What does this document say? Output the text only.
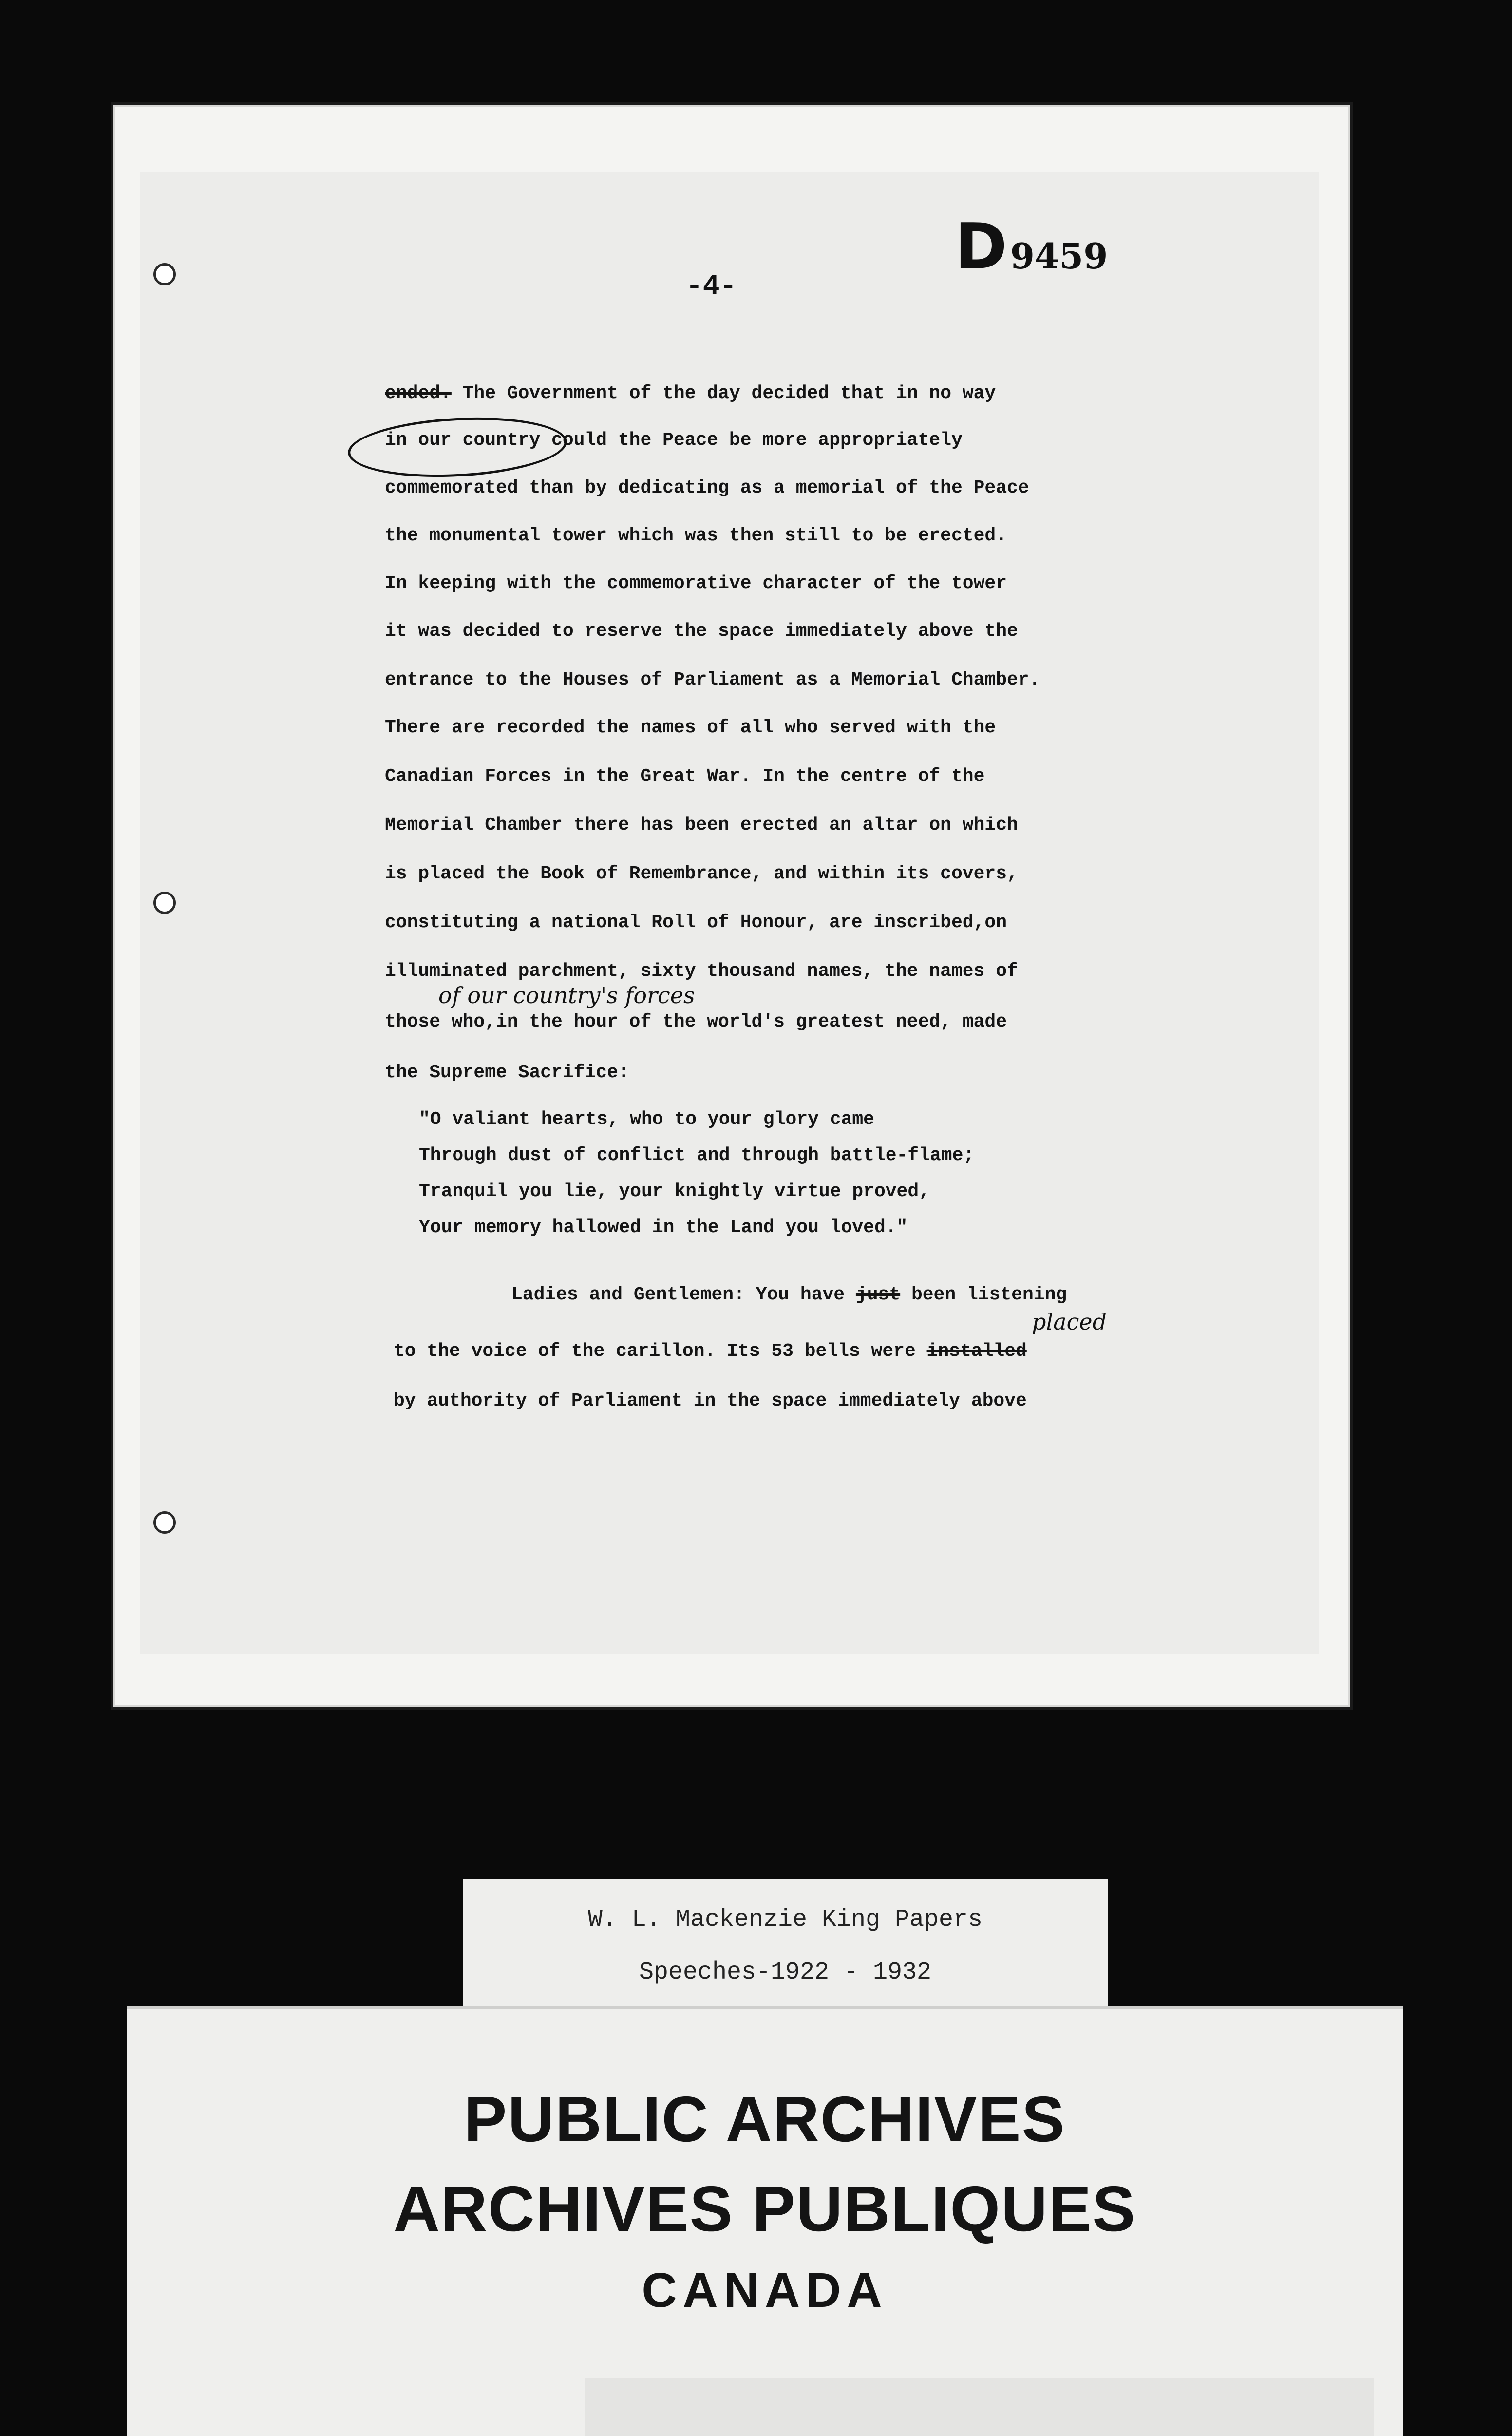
D9459
-4-
ended. The Government of the day decided that in no way
in our country could the Peace be more appropriately
commemorated than by dedicating as a memorial of the Peace
the monumental tower which was then still to be erected.
In keeping with the commemorative character of the tower
it was decided to reserve the space immediately above the
entrance to the Houses of Parliament as a Memorial Chamber.
There are recorded the names of all who served with the
Canadian Forces in the Great War. In the centre of the
Memorial Chamber there has been erected an altar on which
is placed the Book of Remembrance, and within its covers,
constituting a national Roll of Honour, are inscribed,on
illuminated parchment, sixty thousand names, the names of
of our country's forces
those who,in the hour of the world's greatest need, made
the Supreme Sacrifice:
"O valiant hearts, who to your glory came
Through dust of conflict and through battle-flame;
Tranquil you lie, your knightly virtue proved,
Your memory hallowed in the Land you loved."
Ladies and Gentlemen: You have just been listening
placed
to the voice of the carillon. Its 53 bells were installed
by authority of Parliament in the space immediately above
W. L. Mackenzie King Papers
Speeches-1922 - 1932
PUBLIC ARCHIVES
ARCHIVES PUBLIQUES
CANADA
